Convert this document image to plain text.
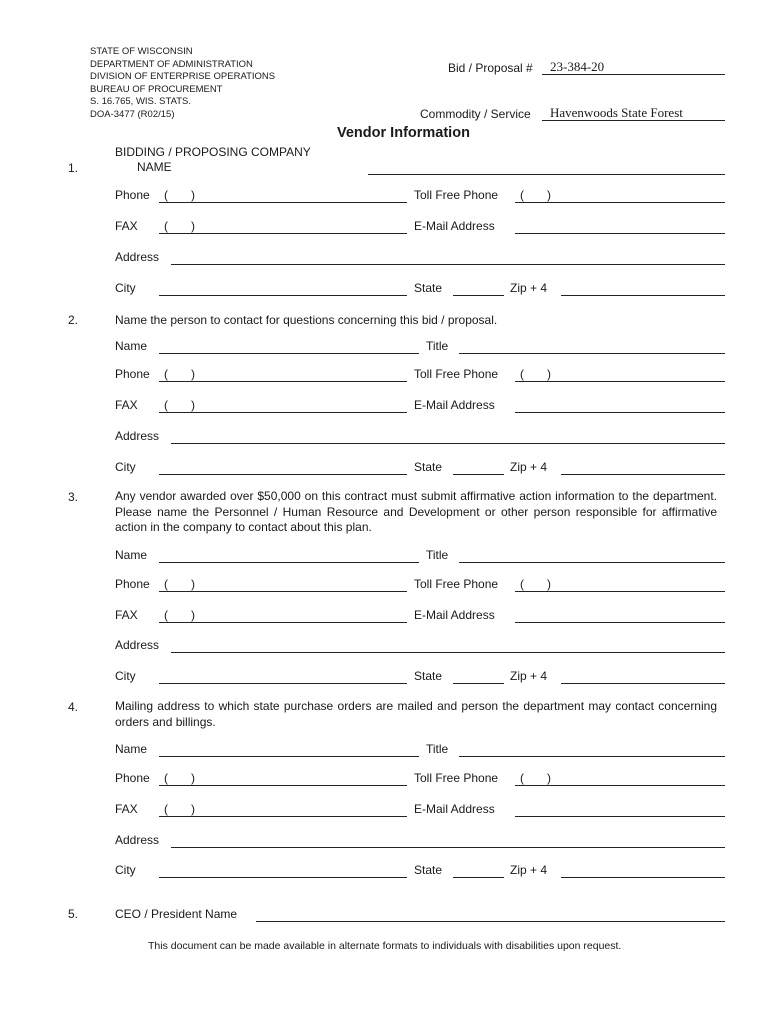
STATE OF WISCONSIN
DEPARTMENT OF ADMINISTRATION
DIVISION OF ENTERPRISE OPERATIONS
BUREAU OF PROCUREMENT
S. 16.765, WIS. STATS.
DOA-3477 (R02/15)
Bid / Proposal # 23-384-20
Commodity / Service Havenwoods State Forest
Vendor Information
1.
BIDDING / PROPOSING COMPANY
NAME
Phone ( )	Toll Free Phone ( )
FAX ( )	E-Mail Address
Address
City	State	Zip + 4
2.	Name the person to contact for questions concerning this bid / proposal.
Name	Title
Phone ( )	Toll Free Phone ( )
FAX ( )	E-Mail Address
Address
City	State	Zip + 4
3.	Any vendor awarded over $50,000 on this contract must submit affirmative action information to the department. Please name the Personnel / Human Resource and Development or other person responsible for affirmative action in the company to contact about this plan.
Name	Title
Phone ( )	Toll Free Phone ( )
FAX ( )	E-Mail Address
Address
City	State	Zip + 4
4.	Mailing address to which state purchase orders are mailed and person the department may contact concerning orders and billings.
Name	Title
Phone ( )	Toll Free Phone ( )
FAX ( )	E-Mail Address
Address
City	State	Zip + 4
5.	CEO / President Name
This document can be made available in alternate formats to individuals with disabilities upon request.
